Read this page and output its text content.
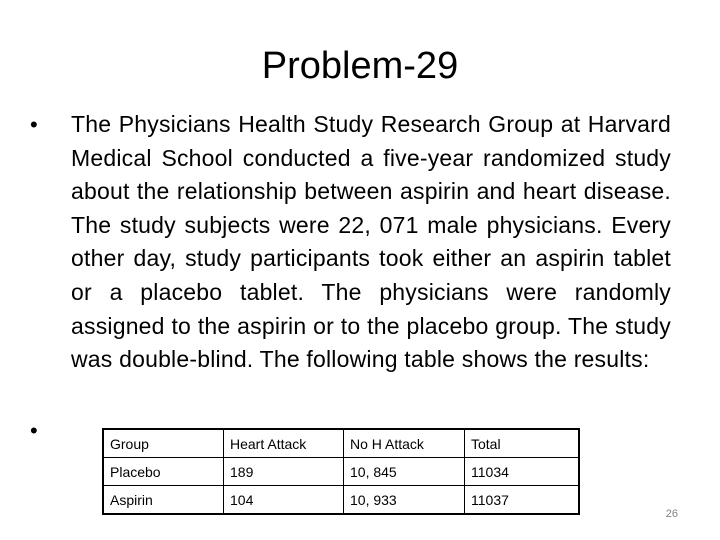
Problem-29
• The Physicians Health Study Research Group at Harvard Medical School conducted a five-year randomized study about the relationship between aspirin and heart disease. The study subjects were 22, 071 male physicians. Every other day, study participants took either an aspirin tablet or a placebo tablet. The physicians were randomly assigned to the aspirin or to the placebo group. The study was double-blind. The following table shows the results:
•
Group	Heart Attack	No H Attack	Total
Placebo	189	10, 845	11034
Aspirin	104	10, 933	11037
26
